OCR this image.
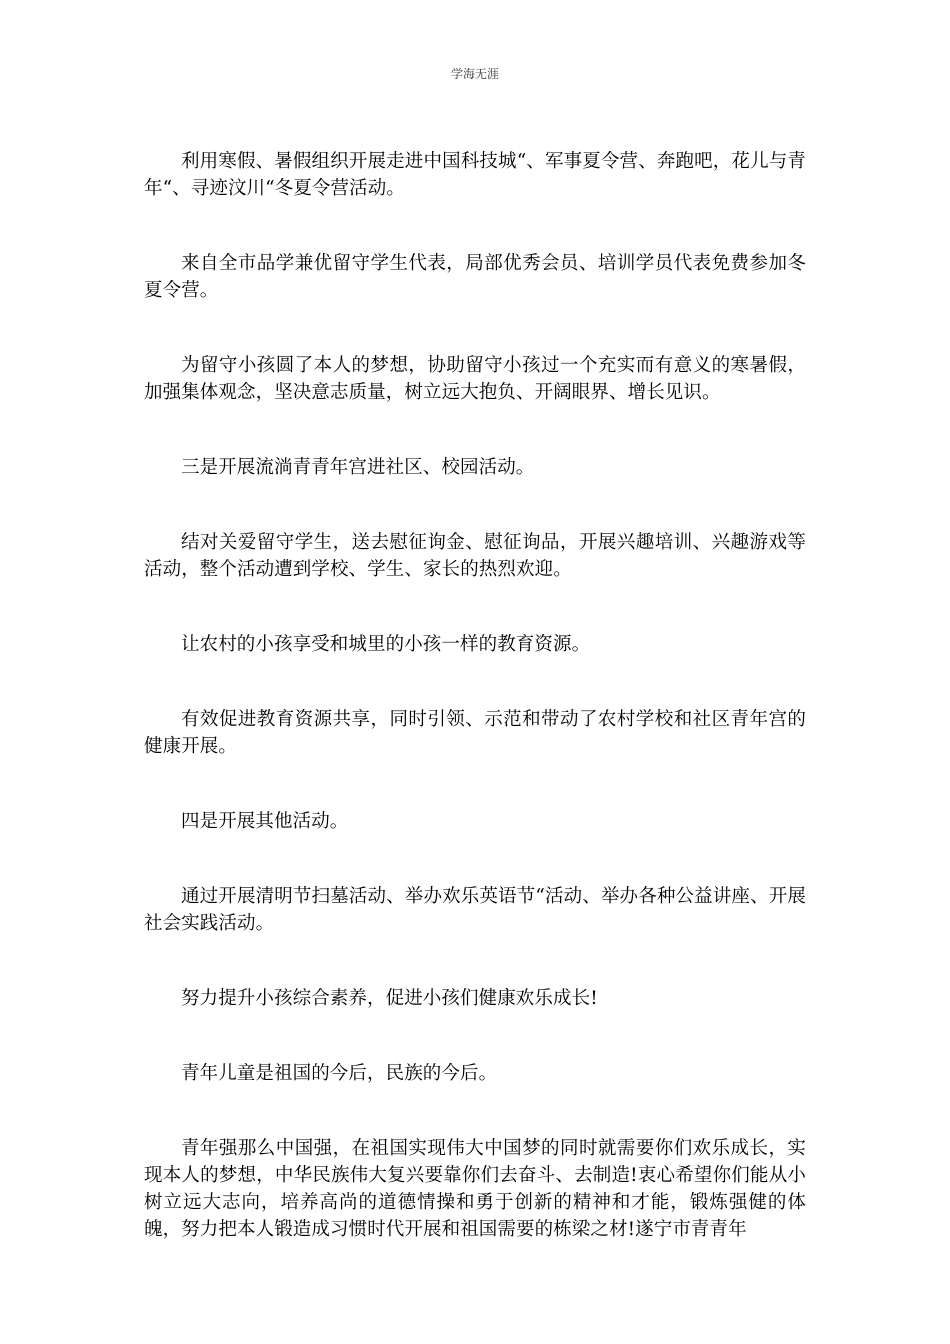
学海无涯

利用寒假、暑假组织开展走进中国科技城“、军事夏令营、奔跑吧，花儿与青年“、寻迹汶川“冬夏令营活动。

来自全市品学兼优留守学生代表，局部优秀会员、培训学员代表免费参加冬夏令营。

为留守小孩圆了本人的梦想，协助留守小孩过一个充实而有意义的寒暑假，加强集体观念，坚决意志质量，树立远大抱负、开阔眼界、增长见识。

三是开展流淌青青年宫进社区、校园活动。

结对关爱留守学生，送去慰征询金、慰征询品，开展兴趣培训、兴趣游戏等活动，整个活动遭到学校、学生、家长的热烈欢迎。

让农村的小孩享受和城里的小孩一样的教育资源。

有效促进教育资源共享，同时引领、示范和带动了农村学校和社区青年宫的健康开展。

四是开展其他活动。

通过开展清明节扫墓活动、举办欢乐英语节“活动、举办各种公益讲座、开展社会实践活动。

努力提升小孩综合素养，促进小孩们健康欢乐成长!

青年儿童是祖国的今后，民族的今后。

青年强那么中国强，在祖国实现伟大中国梦的同时就需要你们欢乐成长，实现本人的梦想，中华民族伟大复兴要靠你们去奋斗、去制造!衷心希望你们能从小树立远大志向，培养高尚的道德情操和勇于创新的精神和才能，锻炼强健的体魄，努力把本人锻造成习惯时代开展和祖国需要的栋梁之材!遂宁市青青年
